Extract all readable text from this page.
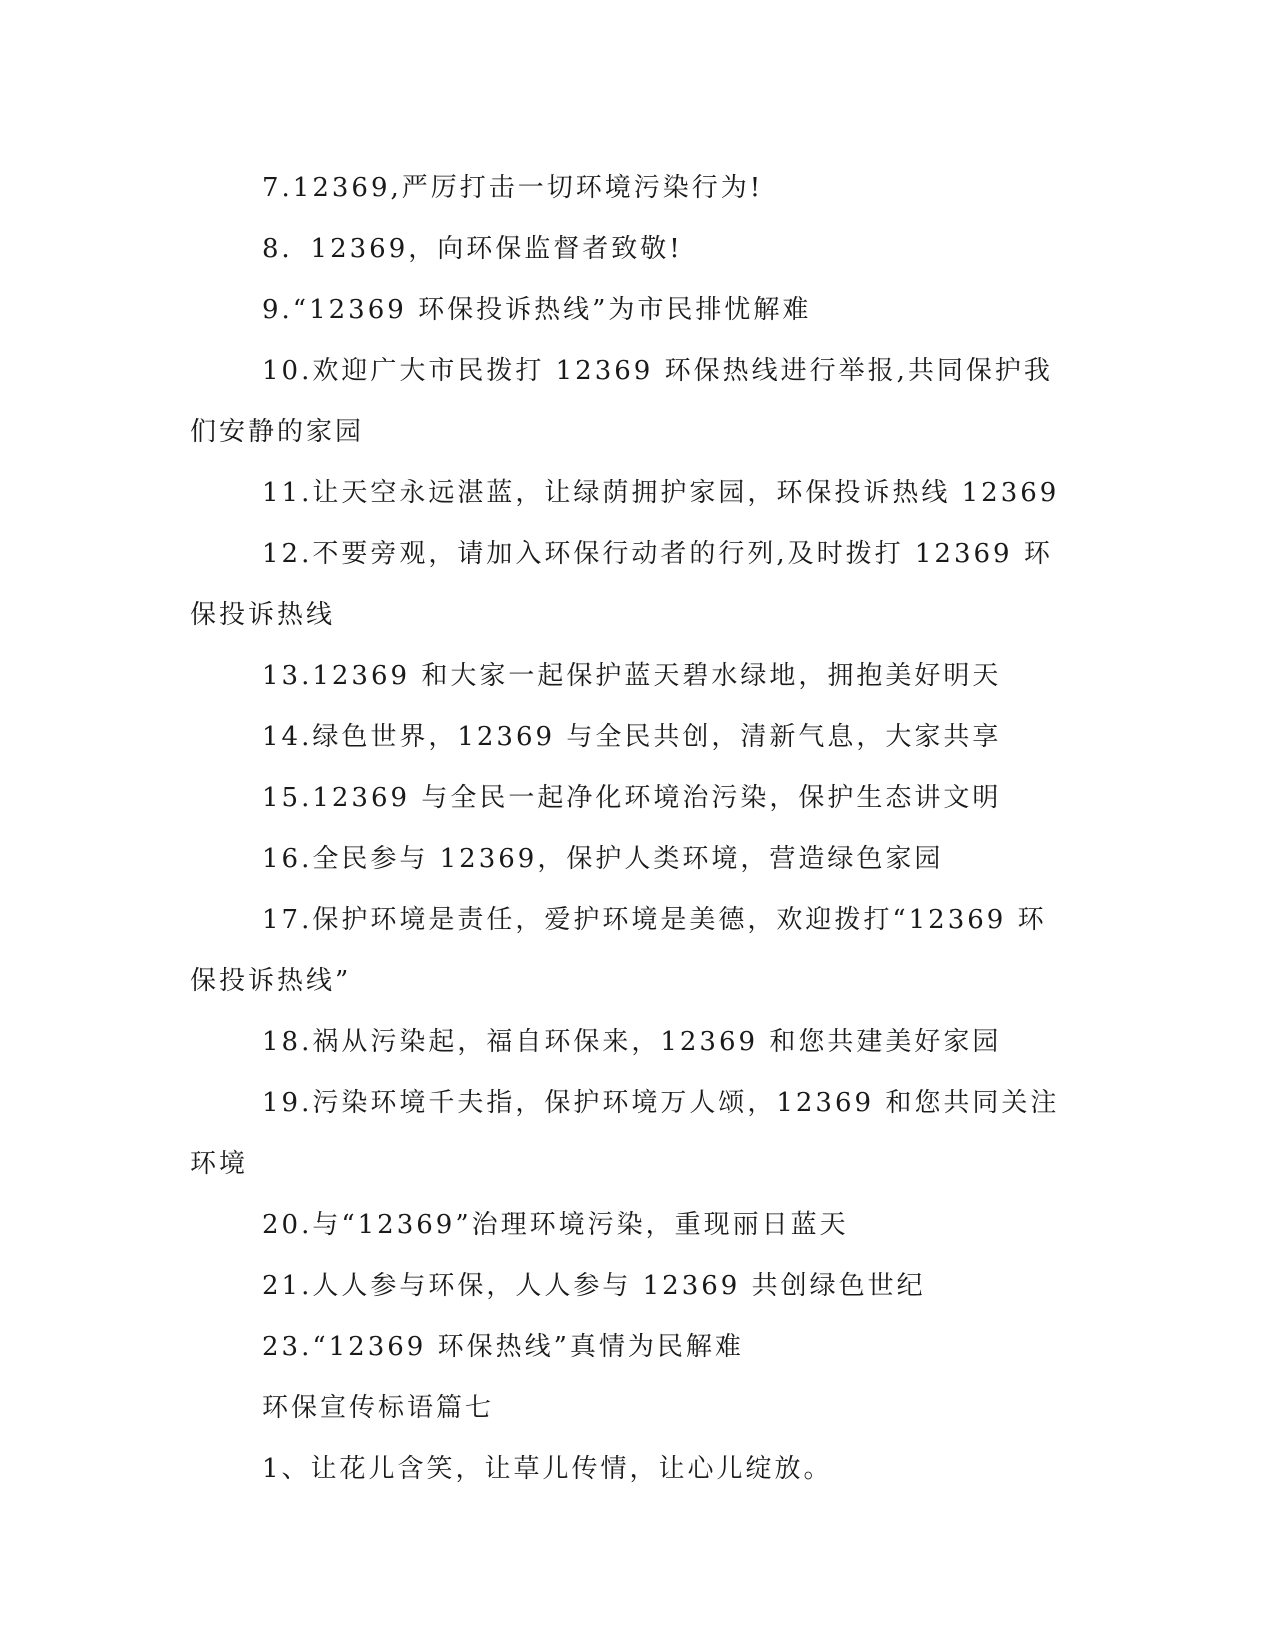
7.12369,严厉打击一切环境污染行为!

8．12369，向环保监督者致敬!

9.“12369 环保投诉热线”为市民排忧解难

10.欢迎广大市民拨打 12369 环保热线进行举报,共同保护我们安静的家园

11.让天空永远湛蓝，让绿荫拥护家园，环保投诉热线 12369

12.不要旁观，请加入环保行动者的行列,及时拨打 12369 环保投诉热线

13.12369 和大家一起保护蓝天碧水绿地，拥抱美好明天

14.绿色世界，12369 与全民共创，清新气息，大家共享

15.12369 与全民一起净化环境治污染，保护生态讲文明

16.全民参与 12369，保护人类环境，营造绿色家园

17.保护环境是责任，爱护环境是美德，欢迎拨打“12369 环保投诉热线”

18.祸从污染起，福自环保来，12369 和您共建美好家园

19.污染环境千夫指，保护环境万人颂，12369 和您共同关注环境

20.与“12369”治理环境污染，重现丽日蓝天

21.人人参与环保，人人参与 12369 共创绿色世纪

23.“12369 环保热线”真情为民解难

环保宣传标语篇七

1、让花儿含笑，让草儿传情，让心儿绽放。
